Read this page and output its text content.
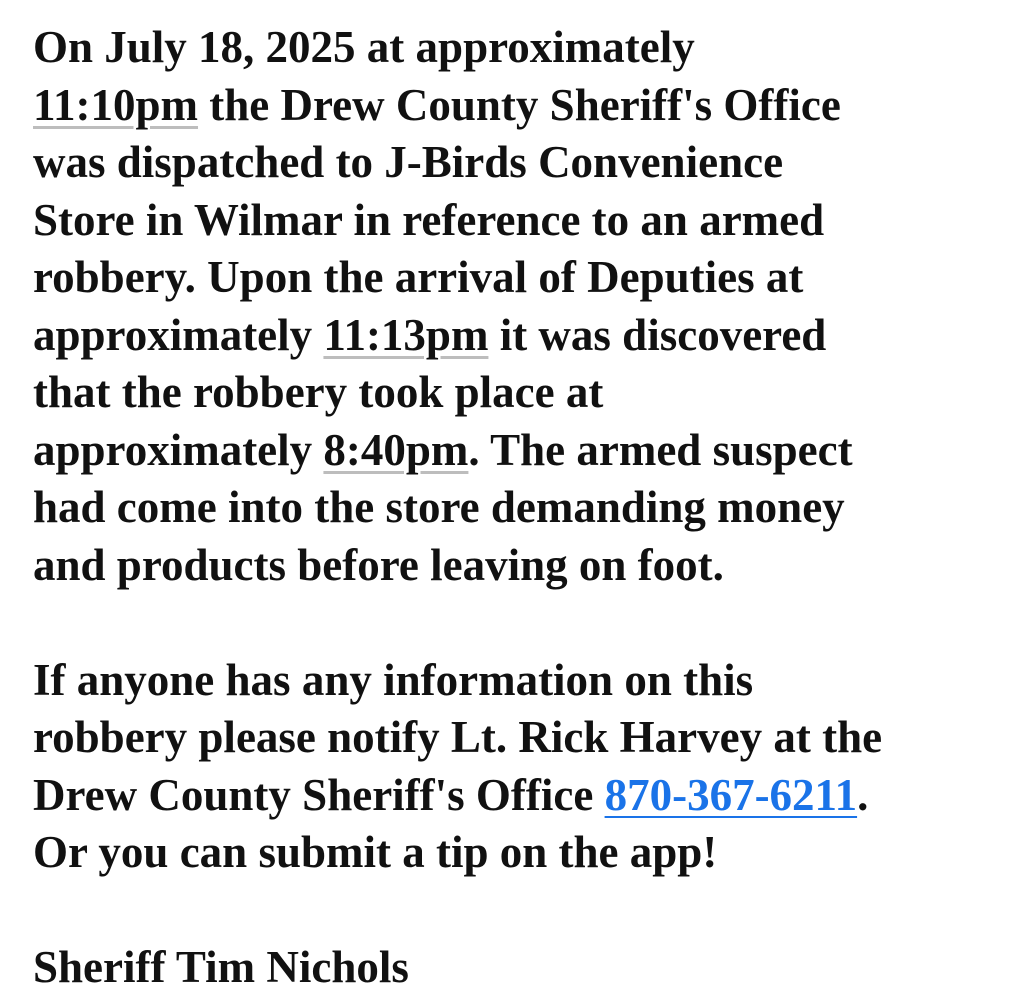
On July 18, 2025 at approximately
11:10pm the Drew County Sheriff's Office
was dispatched to J-Birds Convenience
Store in Wilmar in reference to an armed
robbery. Upon the arrival of Deputies at
approximately 11:13pm it was discovered
that the robbery took place at
approximately 8:40pm. The armed suspect
had come into the store demanding money
and products before leaving on foot.
If anyone has any information on this
robbery please notify Lt. Rick Harvey at the
Drew County Sheriff's Office 870-367-6211.
Or you can submit a tip on the app!
Sheriff Tim Nichols
